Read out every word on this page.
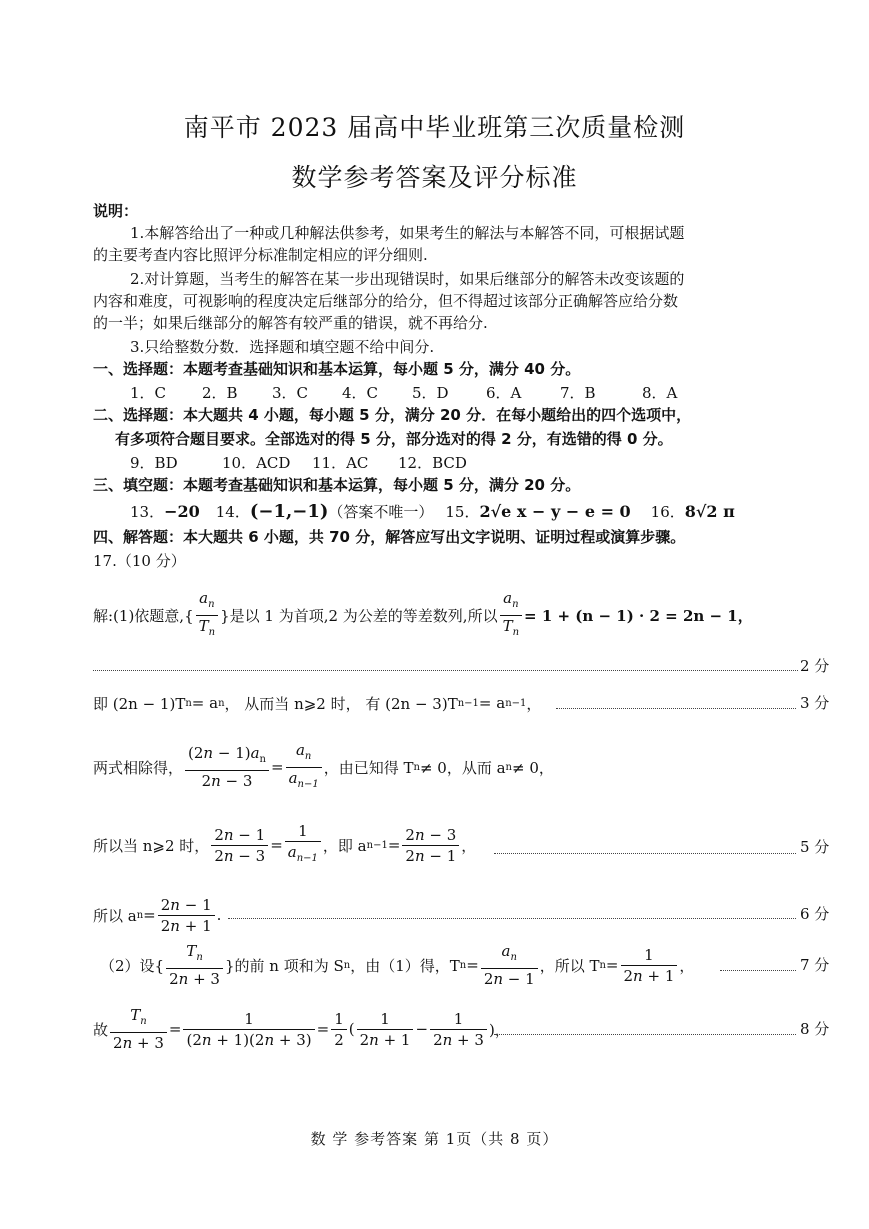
南平市 2023 届高中毕业班第三次质量检测
数学参考答案及评分标准
说明：
1.本解答给出了一种或几种解法供参考，如果考生的解法与本解答不同，可根据试题
的主要考查内容比照评分标准制定相应的评分细则.
2.对计算题，当考生的解答在某一步出现错误时，如果后继部分的解答未改变该题的
内容和难度，可视影响的程度决定后继部分的给分，但不得超过该部分正确解答应给分数
的一半；如果后继部分的解答有较严重的错误，就不再给分.
3.只给整数分数．选择题和填空题不给中间分.
一、选择题：本题考查基础知识和基本运算，每小题 5 分，满分 40 分。
1．C 2．B 3．C 4．C 5．D 6．A	7．B	8．A
二、选择题：本大题共 4 小题，每小题 5 分，满分 20 分．在每小题给出的四个选项中，
有多项符合题目要求。全部选对的得 5 分，部分选对的得 2 分，有选错的得 0 分。
9．BD	10．ACD 11．AC 12．BCD
三、填空题：本题考查基础知识和基本运算，每小题 5 分，满分 20 分。
13． −20 14． (−1,−1) （答案不唯一） 15． 2√e x − y − e = 0 16． 8√2 π
四、解答题：本大题共 6 小题，共 70 分，解答应写出文字说明、证明过程或演算步骤。
17.（10 分）
解:(1)依题意,{ $\frac{a_n}{T_n}$ }是以 1 为首项,2 为公差的等差数列,所以 $\frac{a_n}{T_n} = 1 + (n - 1) \cdot 2 = 2n - 1$，
2 分
即 (2n − 1)T n = a n ， 从而当 n⩾2 时， 有 (2n − 3)T n−1 = a n−1 ，	3 分
两式相除得， $\frac{(2n - 1)a_n}{2n - 3} = \frac{a_n}{a_{n-1}}$ ，由已知得 T n ≠ 0，从而 a n ≠ 0，
所以当 n⩾2 时， $\frac{2n - 1}{2n - 3} = \frac{1}{a_{n-1}}$ ，即 a $n-1 = \frac{2n - 3}{2n - 1}$ ，	5 分
所以 a $n = \frac{2n - 1}{2n + 1}$ .	6 分
（2）设{ $\frac{T_n}{2n + 3}$ }的前 n 项和为 S n ，由（1）得，T $n = \frac{a_n}{2n - 1}$ ，所以 T $n = \frac{1}{2n + 1}$ ，	7 分
故 $\frac{T_n}{2n + 3} = \frac{1}{(2n + 1)(2n + 3)} = \frac{1}{2}$ ( $\frac{1}{2n + 1} - \frac{1}{2n + 3}$ )，	8 分
数 学 参考答案 第 1页（共 8 页）
